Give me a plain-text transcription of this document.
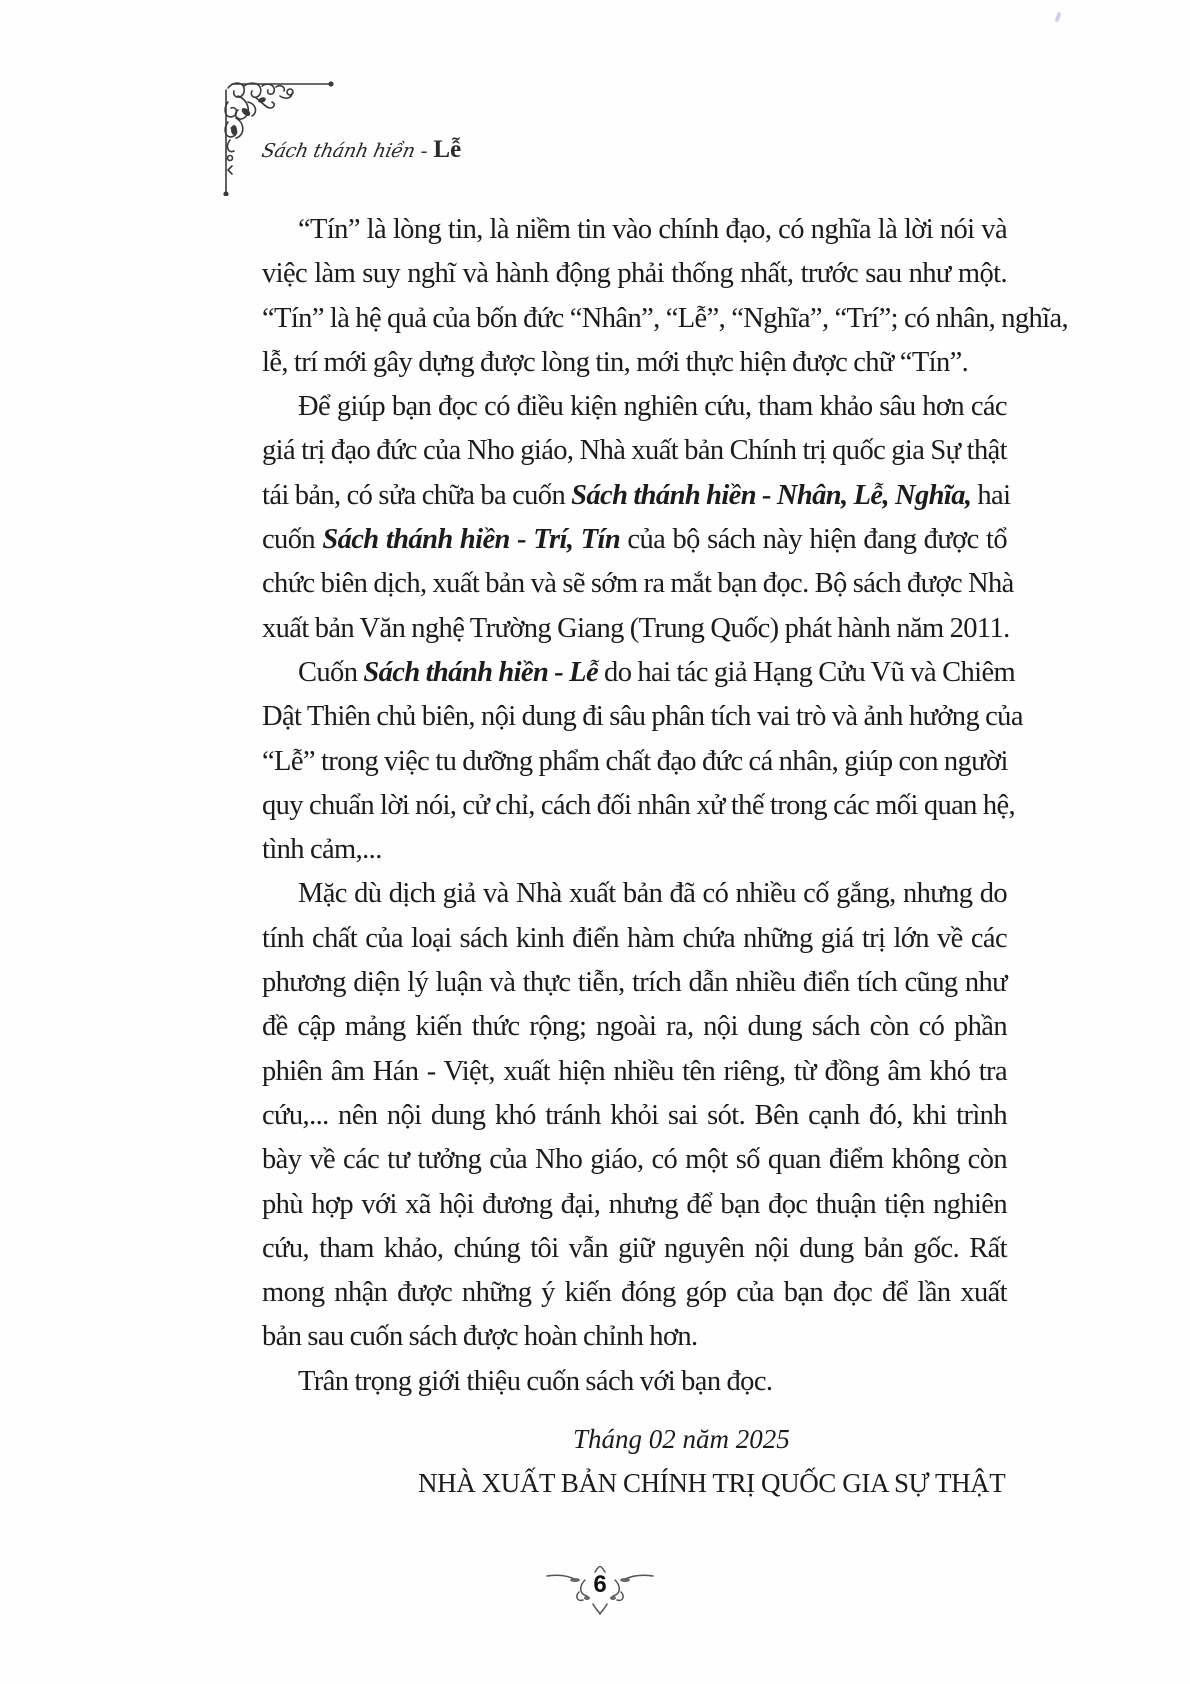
Sách thánh hiền - Lễ
“Tín” là lòng tin, là niềm tin vào chính đạo, có nghĩa là lời nói và
việc làm suy nghĩ và hành động phải thống nhất, trước sau như một.
“Tín” là hệ quả của bốn đức “Nhân”, “Lễ”, “Nghĩa”, “Trí”; có nhân, nghĩa,
lễ, trí mới gây dựng được lòng tin, mới thực hiện được chữ “Tín”.
Để giúp bạn đọc có điều kiện nghiên cứu, tham khảo sâu hơn các
giá trị đạo đức của Nho giáo, Nhà xuất bản Chính trị quốc gia Sự thật
tái bản, có sửa chữa ba cuốn Sách thánh hiền - Nhân, Lễ, Nghĩa, hai
cuốn Sách thánh hiền - Trí, Tín của bộ sách này hiện đang được tổ
chức biên dịch, xuất bản và sẽ sớm ra mắt bạn đọc. Bộ sách được Nhà
xuất bản Văn nghệ Trường Giang (Trung Quốc) phát hành năm 2011.
Cuốn Sách thánh hiền - Lễ do hai tác giả Hạng Cửu Vũ và Chiêm
Dật Thiên chủ biên, nội dung đi sâu phân tích vai trò và ảnh hưởng của
“Lễ” trong việc tu dưỡng phẩm chất đạo đức cá nhân, giúp con người
quy chuẩn lời nói, cử chỉ, cách đối nhân xử thế trong các mối quan hệ,
tình cảm,...
Mặc dù dịch giả và Nhà xuất bản đã có nhiều cố gắng, nhưng do
tính chất của loại sách kinh điển hàm chứa những giá trị lớn về các
phương diện lý luận và thực tiễn, trích dẫn nhiều điển tích cũng như
đề cập mảng kiến thức rộng; ngoài ra, nội dung sách còn có phần
phiên âm Hán - Việt, xuất hiện nhiều tên riêng, từ đồng âm khó tra
cứu,... nên nội dung khó tránh khỏi sai sót. Bên cạnh đó, khi trình
bày về các tư tưởng của Nho giáo, có một số quan điểm không còn
phù hợp với xã hội đương đại, nhưng để bạn đọc thuận tiện nghiên
cứu, tham khảo, chúng tôi vẫn giữ nguyên nội dung bản gốc. Rất
mong nhận được những ý kiến đóng góp của bạn đọc để lần xuất
bản sau cuốn sách được hoàn chỉnh hơn.
Trân trọng giới thiệu cuốn sách với bạn đọc.
Tháng 02 năm 2025
NHÀ XUẤT BẢN CHÍNH TRỊ QUỐC GIA SỰ THẬT
6
